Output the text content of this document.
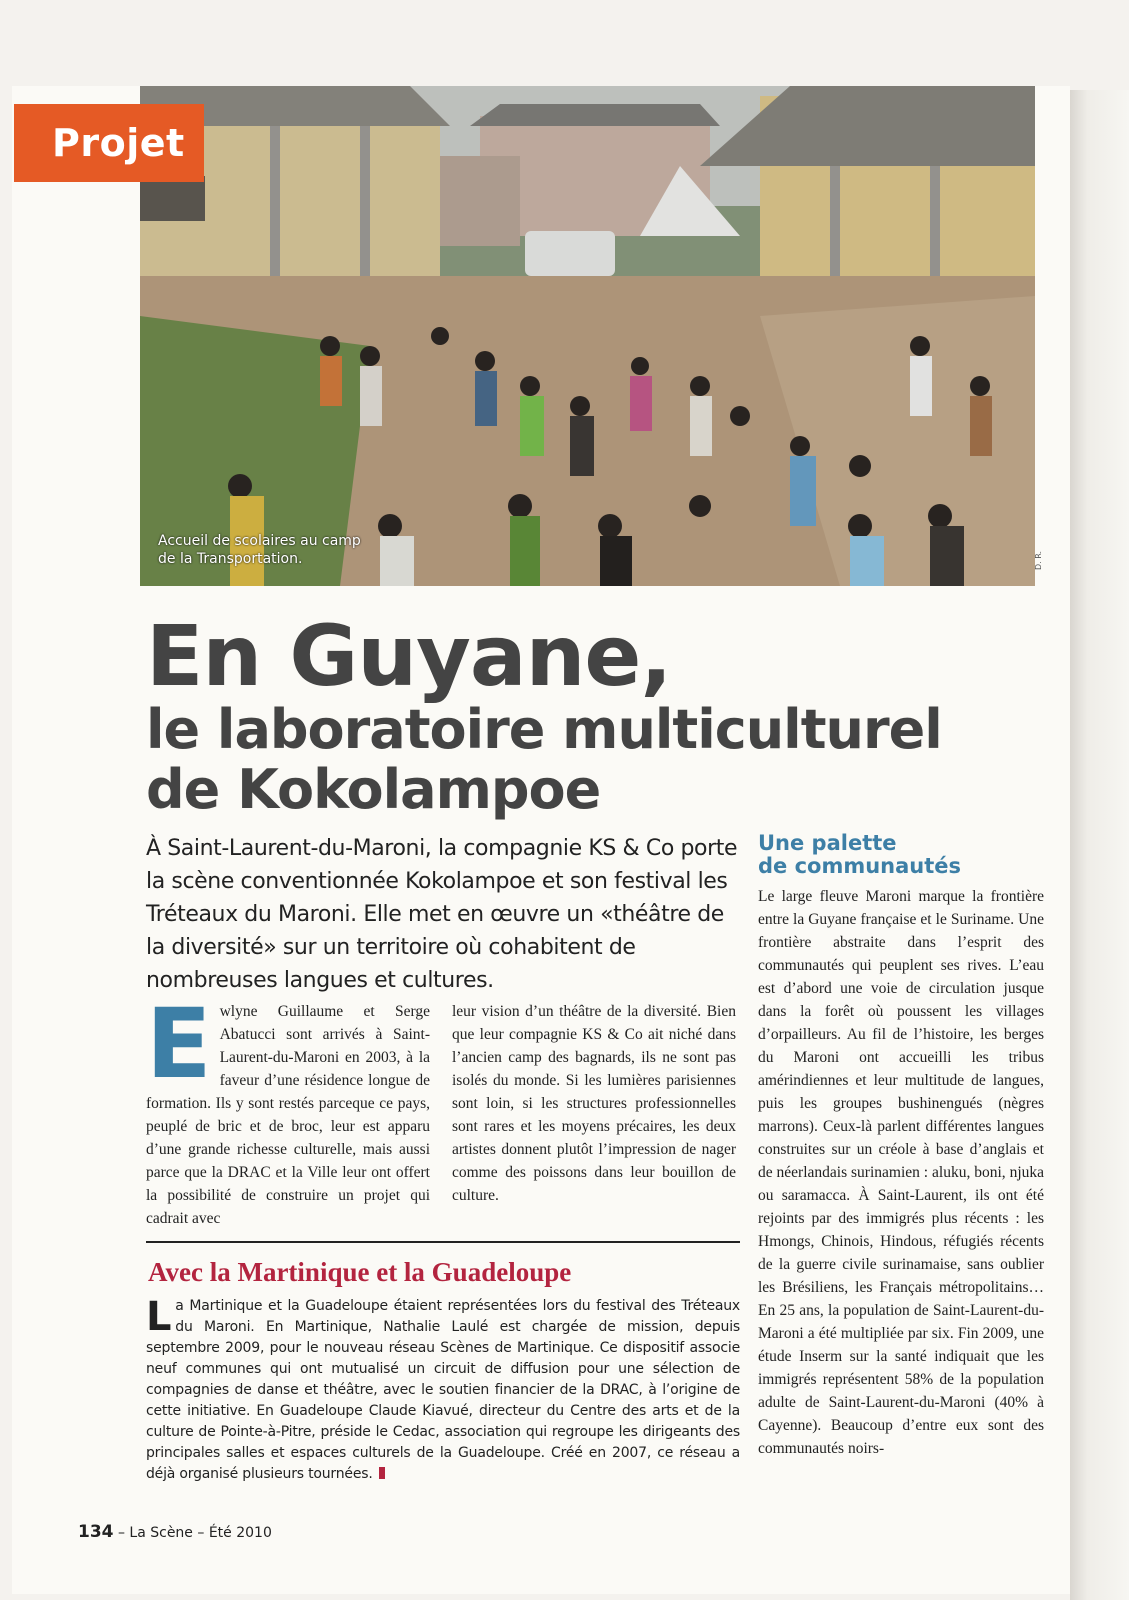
Projet
Accueil de scolaires au camp
de la Transportation.	D. R.
En Guyane,
le laboratoire multiculturel
de Kokolampoe
À Saint-Laurent-du-Maroni, la compagnie KS & Co porte la scène conventionnée Kokolampoe et son festival les Tréteaux du Maroni. Elle met en œuvre un «théâtre de la diversité» sur un territoire où cohabitent de nombreuses langues et cultures.
Ewlyne Guillaume et Serge Abatucci sont arrivés à Saint-Laurent-du-Maroni en 2003, à la faveur d’une résidence longue de formation. Ils y sont restés parceque ce pays, peuplé de bric et de broc, leur est apparu d’une grande richesse culturelle, mais aussi parce que la DRAC et la Ville leur ont offert la possibilité de construire un projet qui cadrait avec
leur vision d’un théâtre de la diversité. Bien que leur compagnie KS & Co ait niché dans l’ancien camp des bagnards, ils ne sont pas isolés du monde. Si les lumières parisiennes sont loin, si les structures professionnelles sont rares et les moyens précaires, les deux artistes donnent plutôt l’impression de nager comme des poissons dans leur bouillon de culture.
Une palette
de communautés
Le large fleuve Maroni marque la frontière entre la Guyane française et le Suriname. Une frontière abstraite dans l’esprit des communautés qui peuplent ses rives. L’eau est d’abord une voie de circulation jusque dans la forêt où poussent les villages d’orpailleurs. Au fil de l’histoire, les berges du Maroni ont accueilli les tribus amérindiennes et leur multitude de langues, puis les groupes bushinengués (nègres marrons). Ceux-là parlent différentes langues construites sur un créole à base d’anglais et de néerlandais surinamien : aluku, boni, njuka ou saramacca. À Saint-Laurent, ils ont été rejoints par des immigrés plus récents : les Hmongs, Chinois, Hindous, réfugiés récents de la guerre civile surinamaise, sans oublier les Brésiliens, les Français métropolitains… En 25 ans, la population de Saint-Laurent-du-Maroni a été multipliée par six. Fin 2009, une étude Inserm sur la santé indiquait que les immigrés représentent 58% de la population adulte de Saint-Laurent-du-Maroni (40% à Cayenne). Beaucoup d’entre eux sont des communautés noirs-
Avec la Martinique et la Guadeloupe
La Martinique et la Guadeloupe étaient représentées lors du festival des Tréteaux du Maroni. En Martinique, Nathalie Laulé est chargée de mission, depuis septembre 2009, pour le nouveau réseau Scènes de Martinique. Ce dispositif associe neuf communes qui ont mutualisé un circuit de diffusion pour une sélection de compagnies de danse et théâtre, avec le soutien financier de la DRAC, à l’origine de cette initiative. En Guadeloupe Claude Kiavué, directeur du Centre des arts et de la culture de Pointe-à-Pitre, préside le Cedac, association qui regroupe les dirigeants des principales salles et espaces culturels de la Guadeloupe. Créé en 2007, ce réseau a déjà organisé plusieurs tournées.
134 – La Scène – Été 2010
